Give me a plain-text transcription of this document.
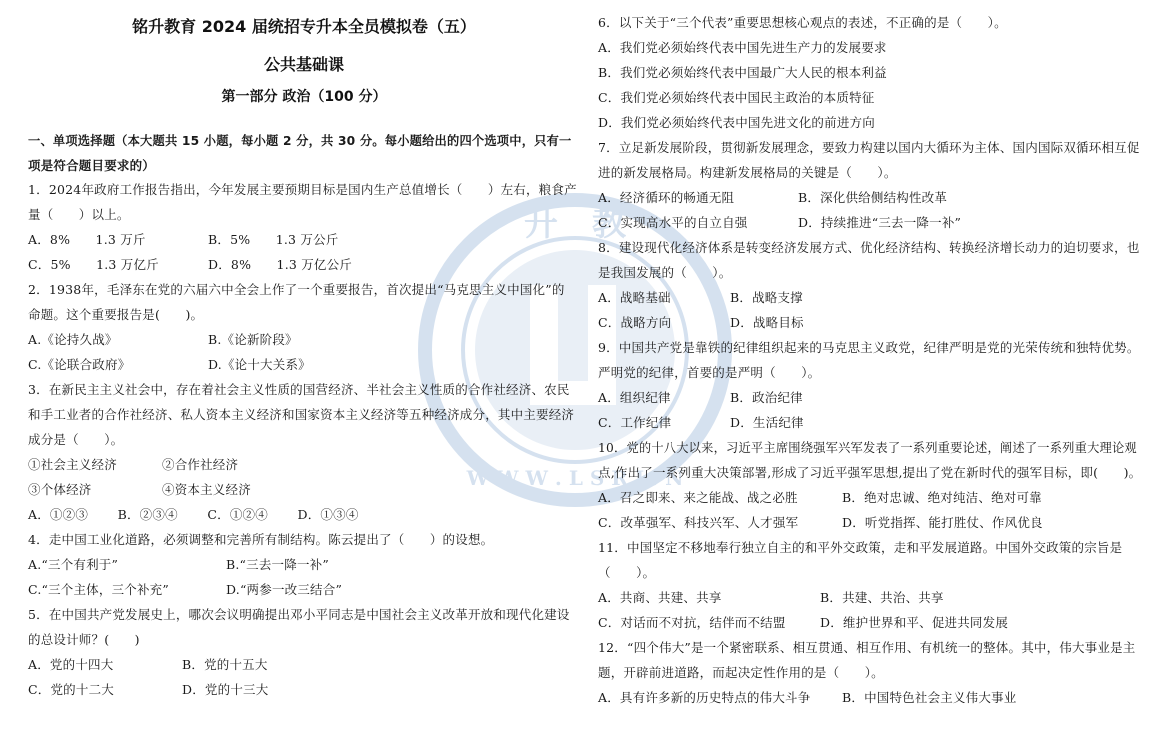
升　教
W W W . L S R I . N
铭升教育 2024 届统招专升本全员模拟卷（五）
公共基础课
第一部分 政治（100 分）
一、单项选择题（本大题共 15 小题，每小题 2 分，共 30 分。每小题给出的四个选项中，只有一
项是符合题目要求的）
1．2024年政府工作报告指出，今年发展主要预期目标是国内生产总值增长（　　）左右，粮食产
量（　　）以上。
A．8%　　1.3 万斤	B．5%　　1.3 万公斤
C．5%　　1.3 万亿斤	D．8%　　1.3 万亿公斤
2．1938年，毛泽东在党的六届六中全会上作了一个重要报告，首次提出“马克思主义中国化”的
命题。这个重要报告是(　　)。
A.《论持久战》	B.《论新阶段》
C.《论联合政府》	D.《论十大关系》
3．在新民主主义社会中，存在着社会主义性质的国营经济、半社会主义性质的合作社经济、农民
和手工业者的合作社经济、私人资本主义经济和国家资本主义经济等五种经济成分，其中主要经济
成分是（　　）。
①社会主义经济	②合作社经济
③个体经济	④资本主义经济
A．①②③　　 B．②③④　　 C．①②④　　 D．①③④
4．走中国工业化道路，必须调整和完善所有制结构。陈云提出了（　　）的设想。
A.“三个有利于”	B.“三去一降一补”
C.“三个主体，三个补充”	D.“两参一改三结合”
5．在中国共产党发展史上，哪次会议明确提出邓小平同志是中国社会主义改革开放和现代化建设
的总设计师？(　　)
A．党的十四大	B．党的十五大
C．党的十二大	D．党的十三大
6．以下关于“三个代表”重要思想核心观点的表述，不正确的是（　　）。
A．我们党必须始终代表中国先进生产力的发展要求
B．我们党必须始终代表中国最广大人民的根本利益
C．我们党必须始终代表中国民主政治的本质特征
D．我们党必须始终代表中国先进文化的前进方向
7．立足新发展阶段，贯彻新发展理念，要致力构建以国内大循环为主体、国内国际双循环相互促
进的新发展格局。构建新发展格局的关键是（　　）。
A．经济循环的畅通无阻	B．深化供给侧结构性改革
C．实现高水平的自立自强	D．持续推进“三去一降一补”
8．建设现代化经济体系是转变经济发展方式、优化经济结构、转换经济增长动力的迫切要求，也
是我国发展的（　　）。
A．战略基础	B．战略支撑
C．战略方向	D．战略目标
9．中国共产党是靠铁的纪律组织起来的马克思主义政党，纪律严明是党的光荣传统和独特优势。
严明党的纪律，首要的是严明（　　）。
A．组织纪律	B．政治纪律
C．工作纪律	D．生活纪律
10．党的十八大以来，习近平主席围绕强军兴军发表了一系列重要论述，阐述了一系列重大理论观
点,作出了一系列重大决策部署,形成了习近平强军思想,提出了党在新时代的强军目标，即(　　)。
A．召之即来、来之能战、战之必胜	B．绝对忠诚、绝对纯洁、绝对可靠
C．改革强军、科技兴军、人才强军	D．听党指挥、能打胜仗、作风优良
11．中国坚定不移地奉行独立自主的和平外交政策，走和平发展道路。中国外交政策的宗旨是
（　　）。
A．共商、共建、共享	B．共建、共治、共享
C．对话而不对抗，结伴而不结盟	D．维护世界和平、促进共同发展
12．“四个伟大”是一个紧密联系、相互贯通、相互作用、有机统一的整体。其中，伟大事业是主
题，开辟前进道路，而起决定性作用的是（　　）。
A．具有许多新的历史特点的伟大斗争	B．中国特色社会主义伟大事业
